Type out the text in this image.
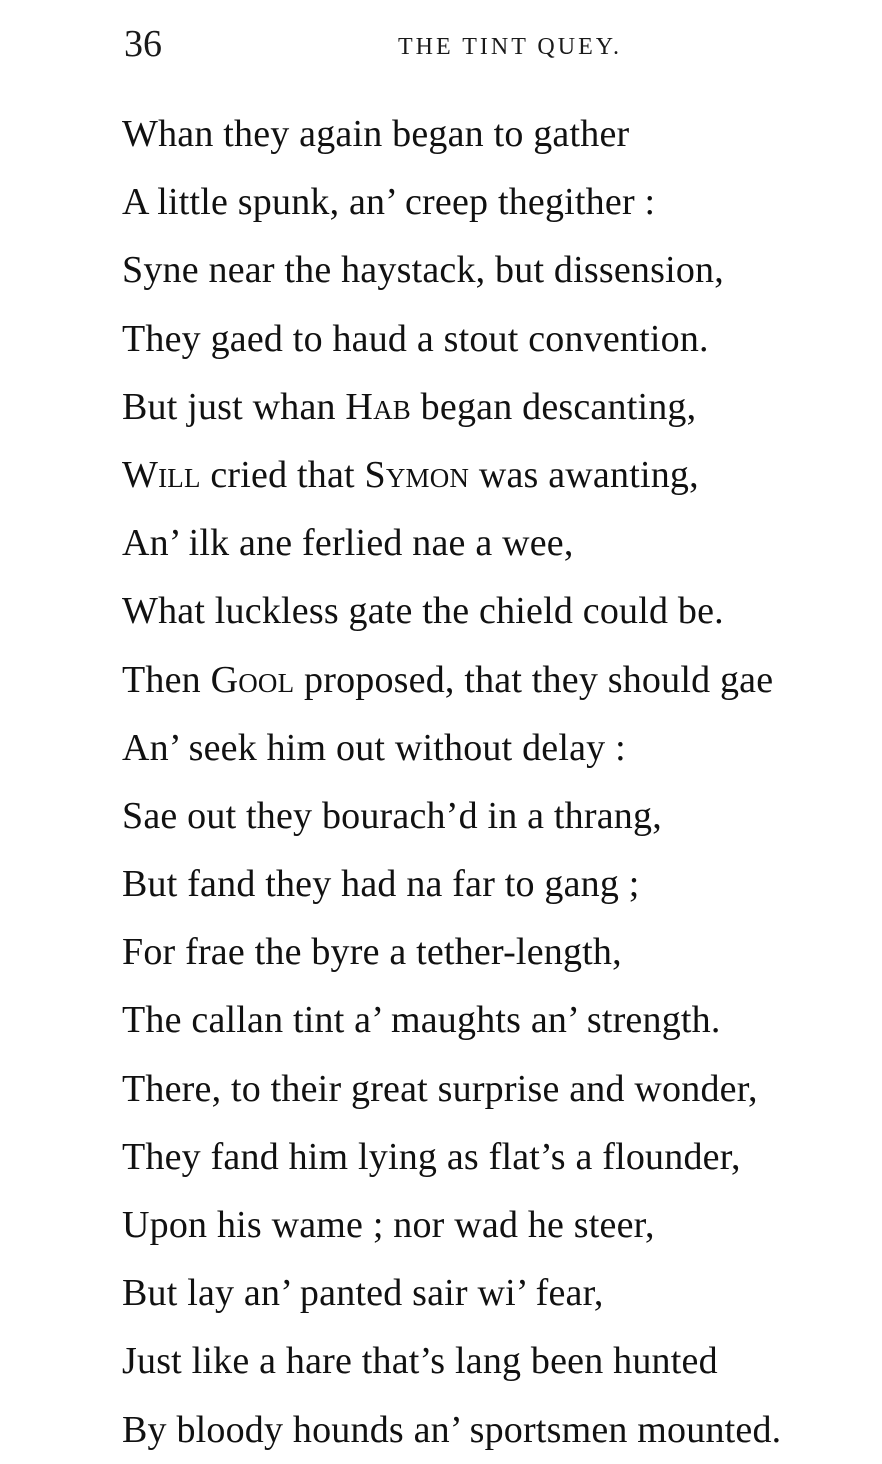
36	THE TINT QUEY.
Whan they again began to gather
A little spunk, an’ creep thegither :
Syne near the haystack, but dissension,
They gaed to haud a stout convention.
But just whan Hab began descanting,
Will cried that Symon was awanting,
An’ ilk ane ferlied nae a wee,
What luckless gate the chield could be.
Then Gool proposed, that they should gae
An’ seek him out without delay :
Sae out they bourach’d in a thrang,
But fand they had na far to gang ;
For frae the byre a tether-length,
The callan tint a’ maughts an’ strength.
There, to their great surprise and wonder,
They fand him lying as flat’s a flounder,
Upon his wame ; nor wad he steer,
But lay an’ panted sair wi’ fear,
Just like a hare that’s lang been hunted
By bloody hounds an’ sportsmen mounted.
